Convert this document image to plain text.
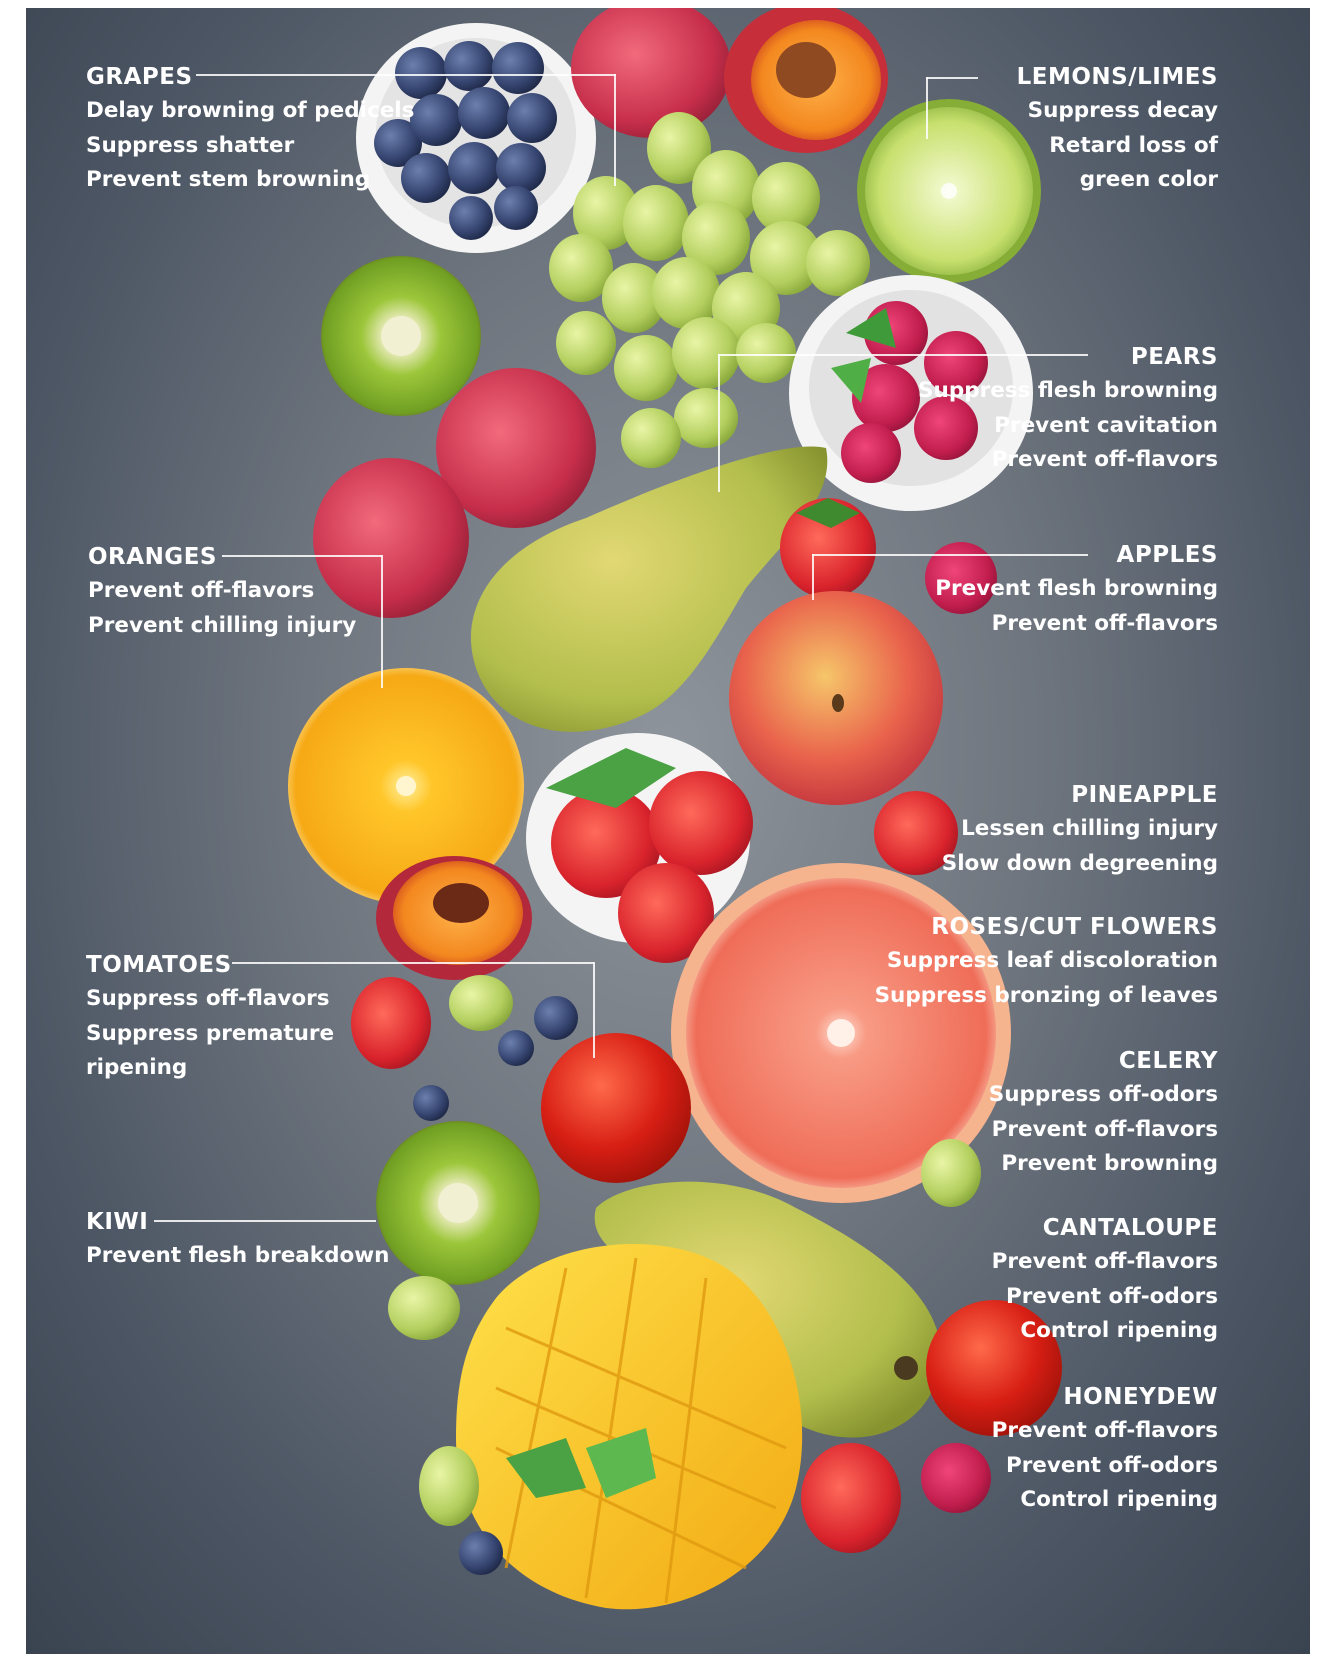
GRAPES
Delay browning of pedicels
Suppress shatter
Prevent stem browning
LEMONS/LIMES
Suppress decay
Retard loss of
green color
PEARS
Suppress flesh browning
Prevent cavitation
Prevent off-flavors
ORANGES
Prevent off-flavors
Prevent chilling injury
APPLES
Prevent flesh browning
Prevent off-flavors
PINEAPPLE
Lessen chilling injury
Slow down degreening
ROSES/CUT FLOWERS
Suppress leaf discoloration
Suppress bronzing of leaves
TOMATOES
Suppress off-flavors
Suppress premature
ripening	CELERY
Suppress off-odors
Prevent off-flavors
Prevent browning
KIWI
Prevent flesh breakdown
CANTALOUPE
Prevent off-flavors
Prevent off-odors
Control ripening
HONEYDEW
Prevent off-flavors
Prevent off-odors
Control ripening
